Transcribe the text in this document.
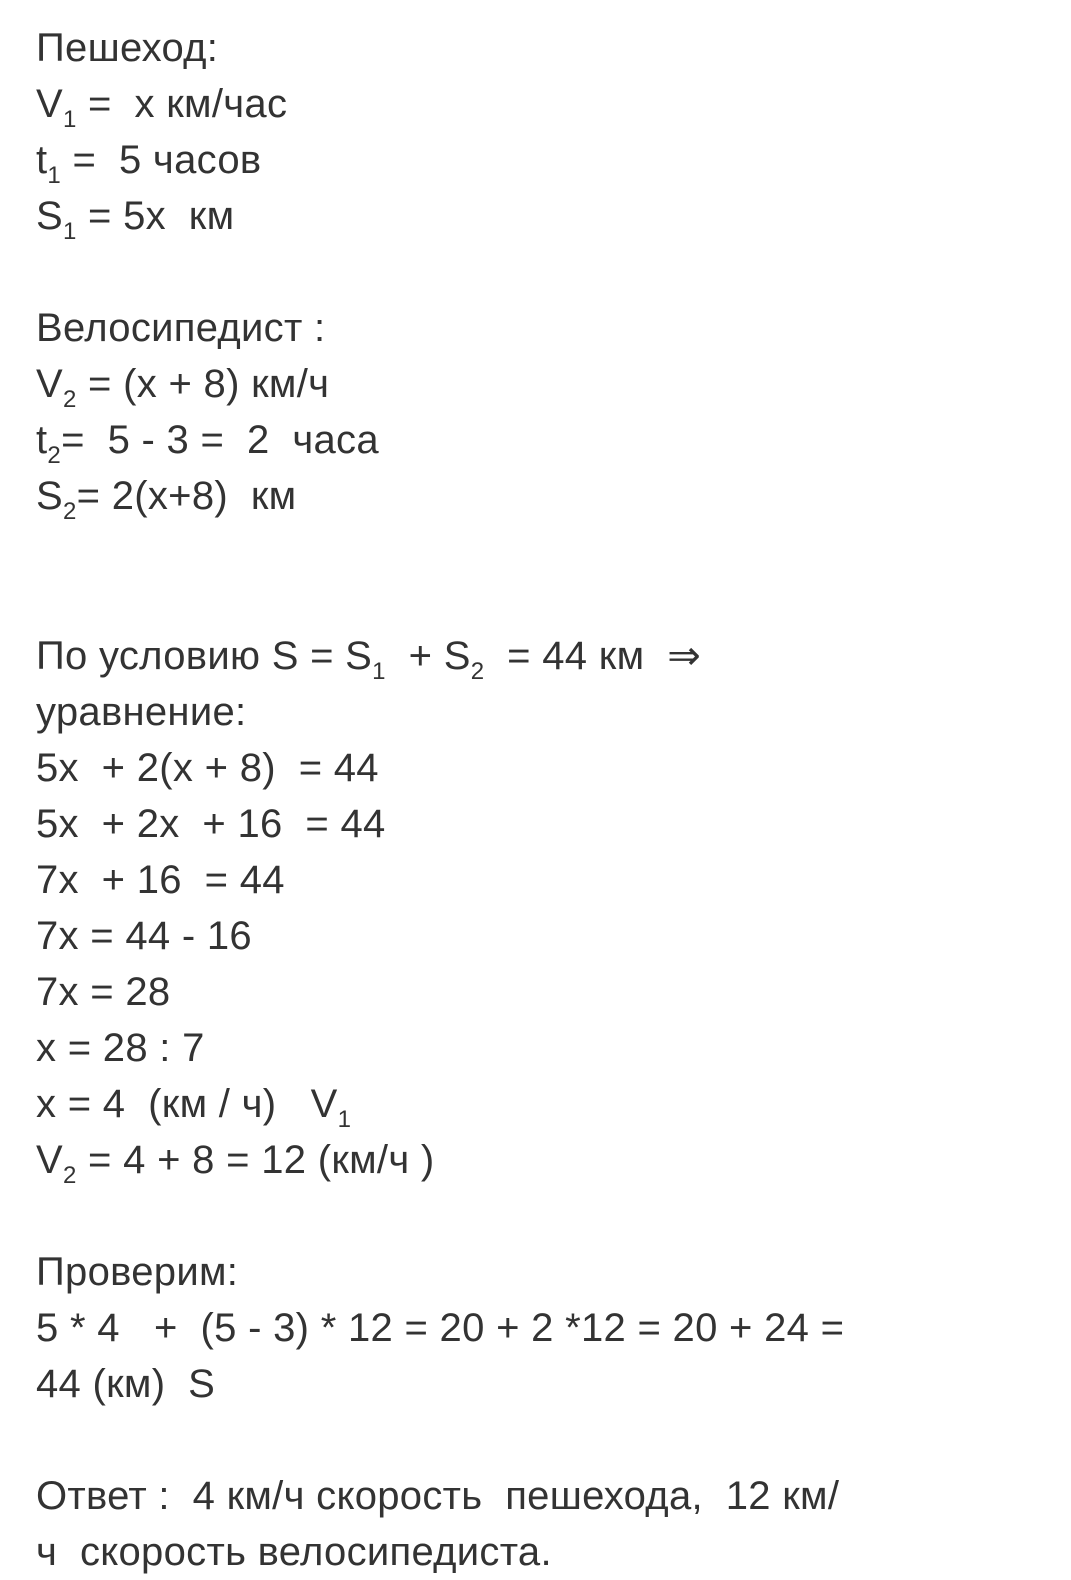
Пешеход:
$V_1 = х$ км/час
$t_1 = 5$ часов
$S_1 = 5х$  км
Велосипедист :
$V_2 = (х + 8)$ км/ч
$t_2= 5 - 3 = 2$  часа
$S_2= 2(х+8)$  км
По условию $S = S_1 + S_2 = 44$ км  ⇒
уравнение:
5х  + 2(х + 8)  = 44
5х  + 2х  + 16  = 44
7х  + 16  = 44
7х = 44 - 16
7х = 28
х = 28 : 7
х = 4  (км / ч)   $V_1$
$V_2 = 4 + 8 = 12$ (км/ч )
Проверим:
5 * 4   +  (5 - 3) * 12 = 20 + 2 *12 = 20 + 24 =
44 (км)  S
Ответ :  4 км/ч скорость  пешехода,  12 км/
ч  скорость велосипедиста.
